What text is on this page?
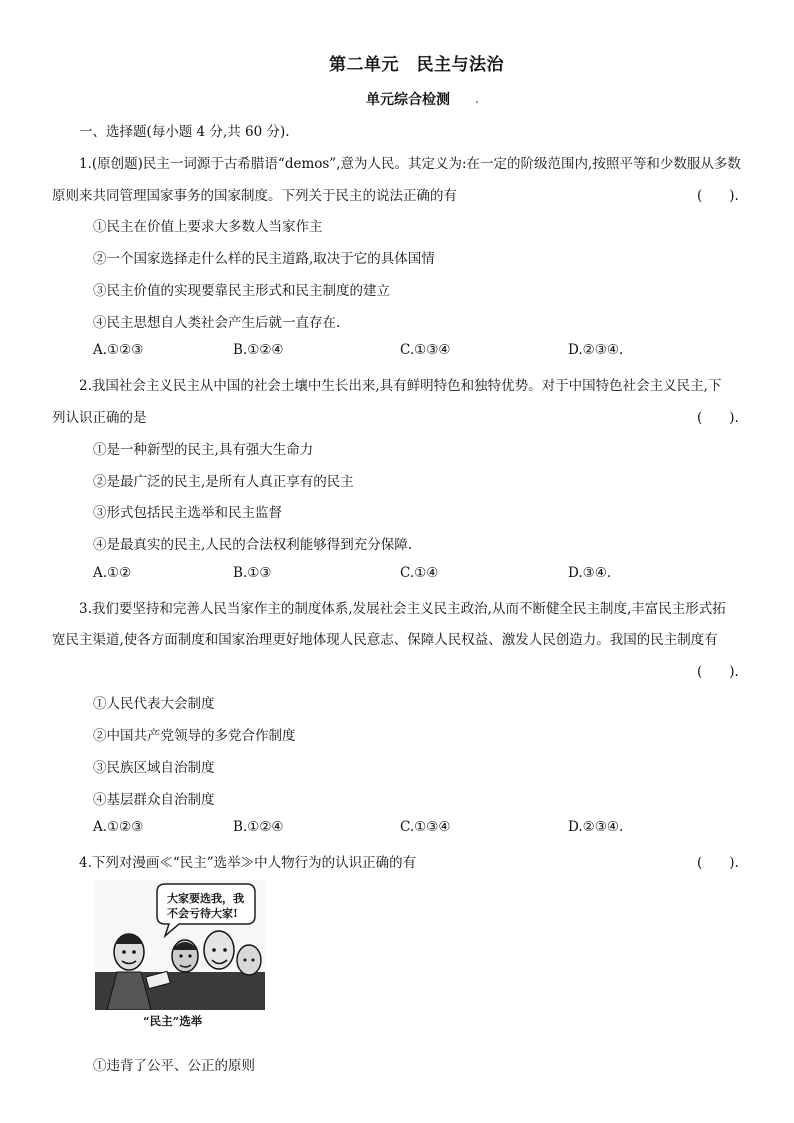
第二单元　民主与法治
单元综合检测
一、选择题(每小题 4 分,共 60 分).
1.(原创题)民主一词源于古希腊语“demos”,意为人民。其定义为:在一定的阶级范围内,按照平等和少数服从多数
原则来共同管理国家事务的国家制度。下列关于民主的说法正确的有	(　　).
①民主在价值上要求大多数人当家作主
②一个国家选择走什么样的民主道路,取决于它的具体国情
③民主价值的实现要靠民主形式和民主制度的建立
④民主思想自人类社会产生后就一直存在.
A.①②③	B.①②④	C.①③④	D.②③④.
2.我国社会主义民主从中国的社会土壤中生长出来,具有鲜明特色和独特优势。对于中国特色社会主义民主,下
列认识正确的是	(　　).
①是一种新型的民主,具有强大生命力
②是最广泛的民主,是所有人真正享有的民主
③形式包括民主选举和民主监督
④是最真实的民主,人民的合法权利能够得到充分保障.
A.①②	B.①③	C.①④	D.③④.
3.我们要坚持和完善人民当家作主的制度体系,发展社会主义民主政治,从而不断健全民主制度,丰富民主形式拓
宽民主渠道,使各方面制度和国家治理更好地体现人民意志、保障人民权益、激发人民创造力。我国的民主制度有
(　　).
①人民代表大会制度
②中国共产党领导的多党合作制度
③民族区域自治制度
④基层群众自治制度
A.①②③	B.①②④	C.①③④	D.②③④.
4.下列对漫画≪“民主”选举≫中人物行为的认识正确的有	(　　).
大家要选我，我
不会亏待大家!
“民主”选举
①违背了公平、公正的原则
